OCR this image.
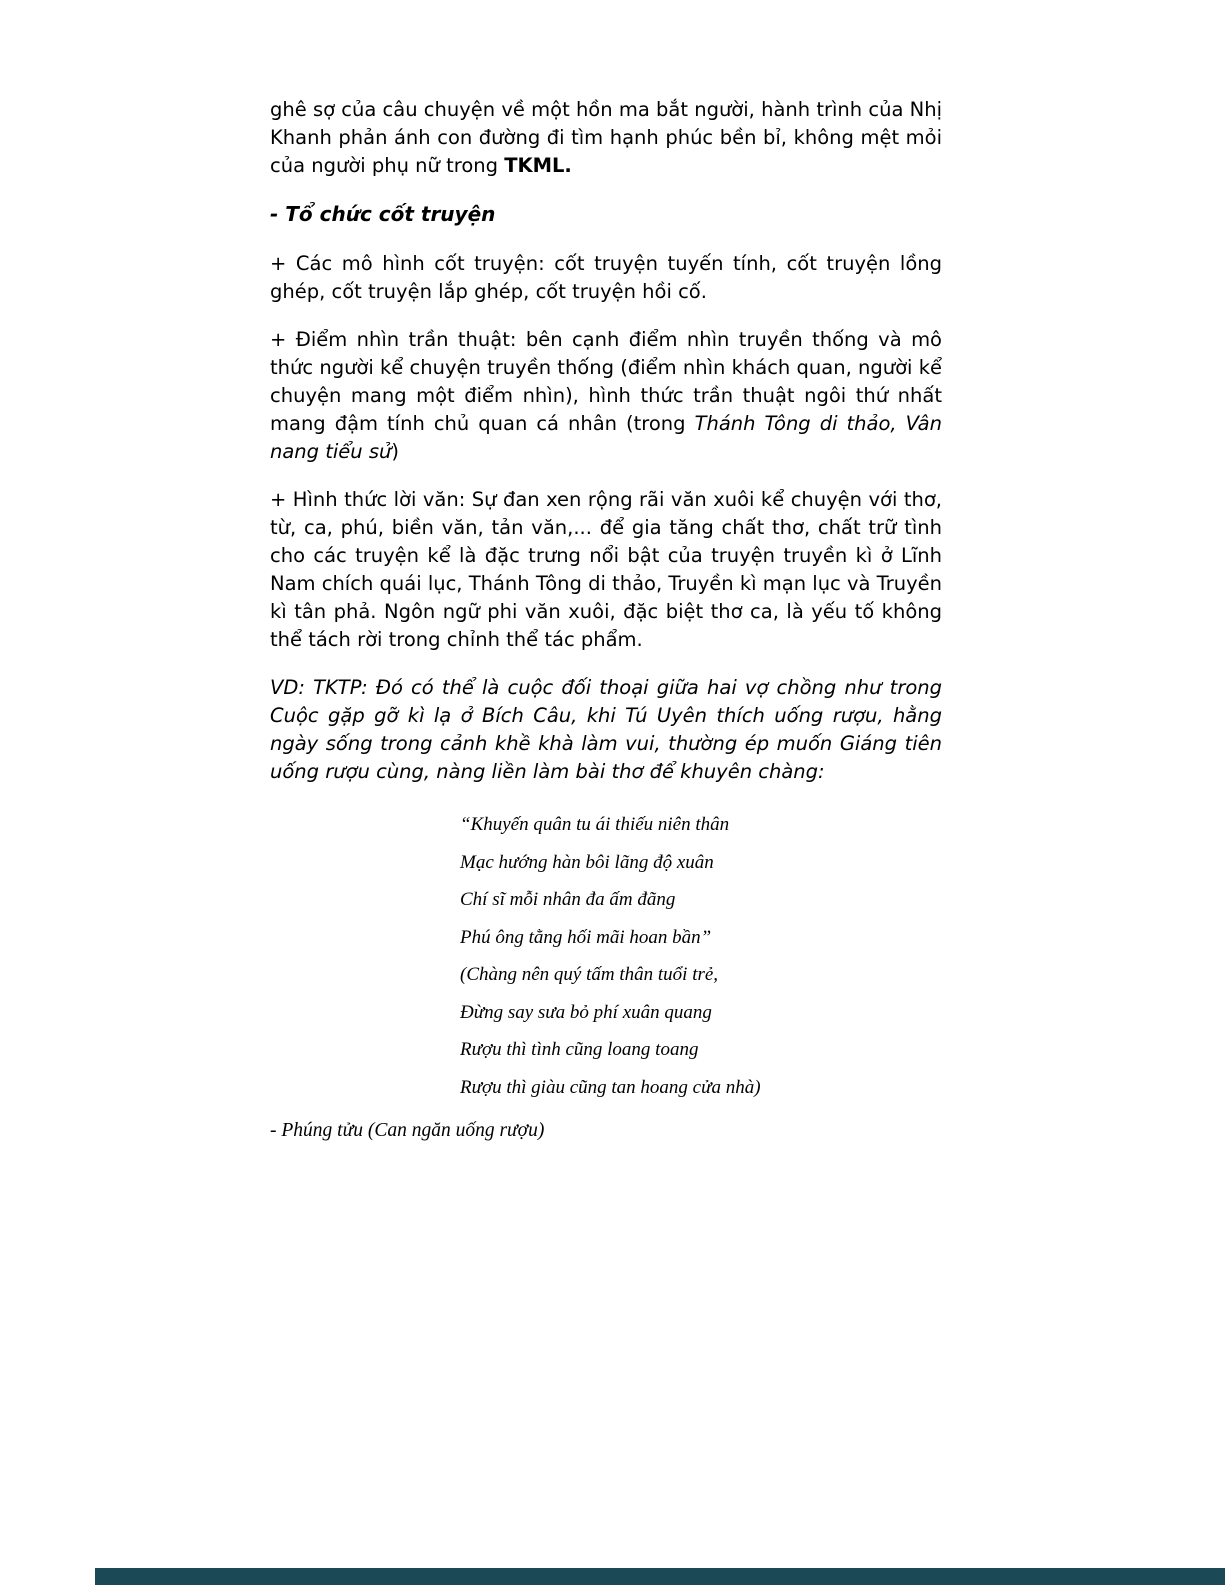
ghê sợ của câu chuyện về một hồn ma bắt người, hành trình của Nhị Khanh phản ánh con đường đi tìm hạnh phúc bền bỉ, không mệt mỏi của người phụ nữ trong TKML.

- Tổ chức cốt truyện

+ Các mô hình cốt truyện: cốt truyện tuyến tính, cốt truyện lồng ghép, cốt truyện lắp ghép, cốt truyện hồi cố.

+ Điểm nhìn trần thuật: bên cạnh điểm nhìn truyền thống và mô thức người kể chuyện truyền thống (điểm nhìn khách quan, người kể chuyện mang một điểm nhìn), hình thức trần thuật ngôi thứ nhất mang đậm tính chủ quan cá nhân (trong Thánh Tông di thảo, Vân nang tiểu sử)

+ Hình thức lời văn: Sự đan xen rộng rãi văn xuôi kể chuyện với thơ, từ, ca, phú, biền văn, tản văn,... để gia tăng chất thơ, chất trữ tình cho các truyện kể là đặc trưng nổi bật của truyện truyền kì ở Lĩnh Nam chích quái lục, Thánh Tông di thảo, Truyền kì mạn lục và Truyền kì tân phả. Ngôn ngữ phi văn xuôi, đặc biệt thơ ca, là yếu tố không thể tách rời trong chỉnh thể tác phẩm.

VD: TKTP: Đó có thể là cuộc đối thoại giữa hai vợ chồng như trong Cuộc gặp gỡ kì lạ ở Bích Câu, khi Tú Uyên thích uống rượu, hằng ngày sống trong cảnh khề khà làm vui, thường ép muốn Giáng tiên uống rượu cùng, nàng liền làm bài thơ để khuyên chàng:

“Khuyến quân tu ái thiếu niên thân

Mạc hướng hàn bôi lãng độ xuân

Chí sĩ mỗi nhân đa ấm đãng

Phú ông tằng hối mãi hoan bần”

(Chàng nên quý tấm thân tuổi trẻ,

Đừng say sưa bỏ phí xuân quang

Rượu thì tình cũng loang toang

Rượu thì giàu cũng tan hoang cửa nhà)

- Phúng tửu (Can ngăn uống rượu)
